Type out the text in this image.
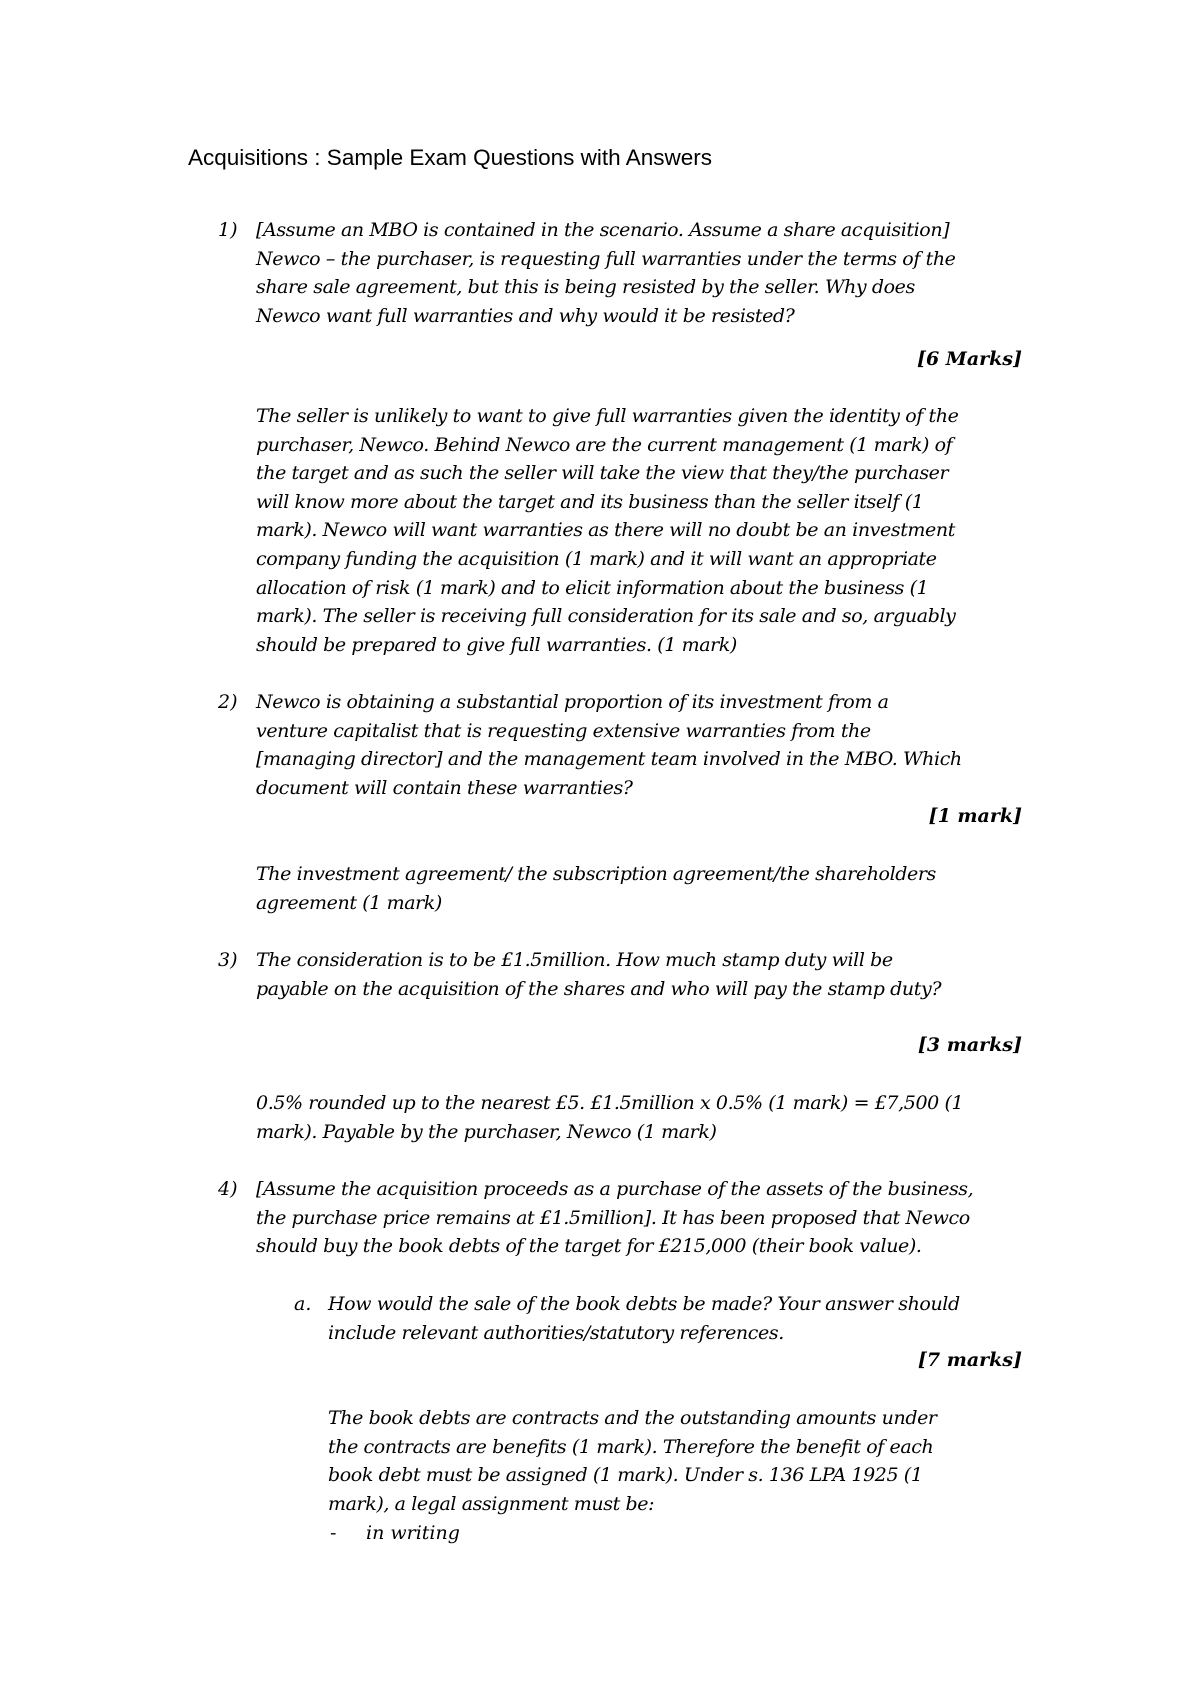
Acquisitions : Sample Exam Questions with Answers
1) [Assume an MBO is contained in the scenario. Assume a share acquisition]
Newco – the purchaser, is requesting full warranties under the terms of the
share sale agreement, but this is being resisted by the seller. Why does
Newco want full warranties and why would it be resisted?
[6 Marks]
The seller is unlikely to want to give full warranties given the identity of the
purchaser, Newco. Behind Newco are the current management (1 mark) of
the target and as such the seller will take the view that they/the purchaser
will know more about the target and its business than the seller itself (1
mark). Newco will want warranties as there will no doubt be an investment
company funding the acquisition (1 mark) and it will want an appropriate
allocation of risk (1 mark) and to elicit information about the business (1
mark). The seller is receiving full consideration for its sale and so, arguably
should be prepared to give full warranties. (1 mark)
2) Newco is obtaining a substantial proportion of its investment from a
venture capitalist that is requesting extensive warranties from the
[managing director] and the management team involved in the MBO. Which
document will contain these warranties?
[1 mark]
The investment agreement/ the subscription agreement/the shareholders
agreement (1 mark)
3) The consideration is to be £1.5million. How much stamp duty will be
payable on the acquisition of the shares and who will pay the stamp duty?
[3 marks]
0.5% rounded up to the nearest £5. £1.5million x 0.5% (1 mark) = £7,500 (1
mark). Payable by the purchaser, Newco (1 mark)
4) [Assume the acquisition proceeds as a purchase of the assets of the business,
the purchase price remains at £1.5million]. It has been proposed that Newco
should buy the book debts of the target for £215,000 (their book value).
a. How would the sale of the book debts be made? Your answer should
include relevant authorities/statutory references.
[7 marks]
The book debts are contracts and the outstanding amounts under
the contracts are benefits (1 mark). Therefore the benefit of each
book debt must be assigned (1 mark). Under s. 136 LPA 1925 (1
mark), a legal assignment must be:
- in writing
